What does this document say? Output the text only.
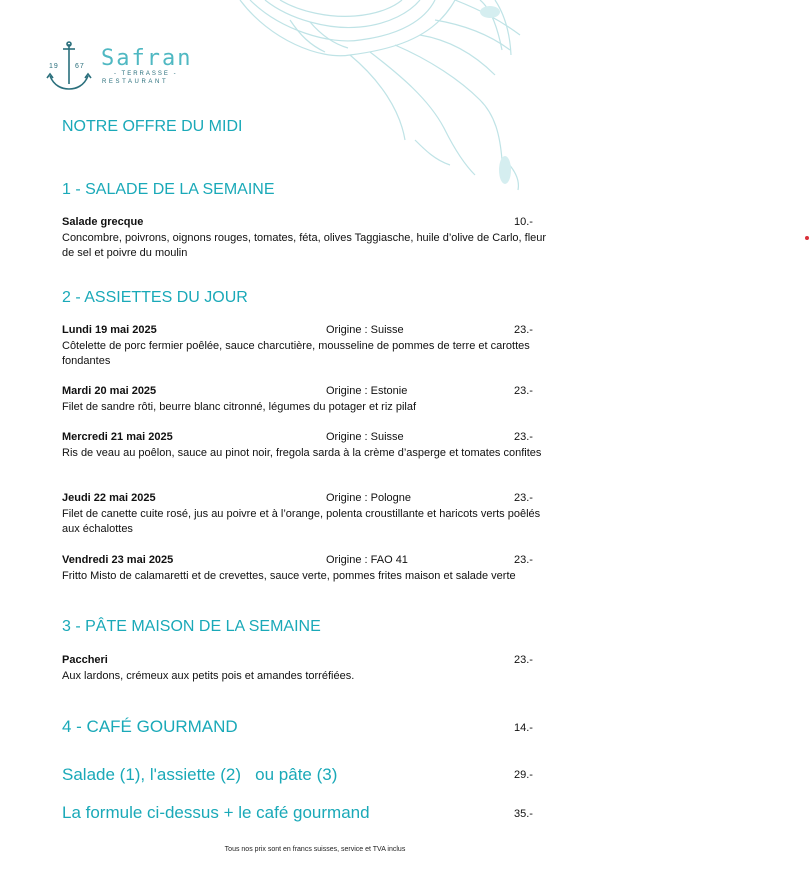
19 67 Safran
- TERRASSE -
RESTAURANT
NOTRE OFFRE DU MIDI
1 - SALADE DE LA SEMAINE
Salade grecque	10.-
Concombre, poivrons, oignons rouges, tomates, féta, olives Taggiasche, huile d’olive de Carlo, fleur de sel et poivre du moulin
2 - ASSIETTES DU JOUR
Lundi 19 mai 2025	Origine : Suisse	23.-
Côtelette de porc fermier poêlée, sauce charcutière, mousseline de pommes de terre et carottes fondantes
Mardi 20 mai 2025	Origine : Estonie	23.-
Filet de sandre rôti, beurre blanc citronné, légumes du potager et riz pilaf
Mercredi 21 mai 2025	Origine : Suisse	23.-
Ris de veau au poêlon, sauce au pinot noir, fregola sarda à la crème d’asperge et tomates confites
Jeudi 22 mai 2025	Origine : Pologne	23.-
Filet de canette cuite rosé, jus au poivre et à l’orange, polenta croustillante et haricots verts poêlés aux échalottes
Vendredi 23 mai 2025	Origine : FAO 41	23.-
Fritto Misto de calamaretti et de crevettes, sauce verte, pommes frites maison et salade verte
3 - PÂTE MAISON DE LA SEMAINE
Paccheri	23.-
Aux lardons, crémeux aux petits pois et amandes torréfiées.
4 - CAFÉ GOURMAND	14.-
Salade (1), l'assiette (2)   ou pâte (3)	29.-
La formule ci-dessus + le café gourmand	35.-
Tous nos prix sont en francs suisses, service et TVA inclus
